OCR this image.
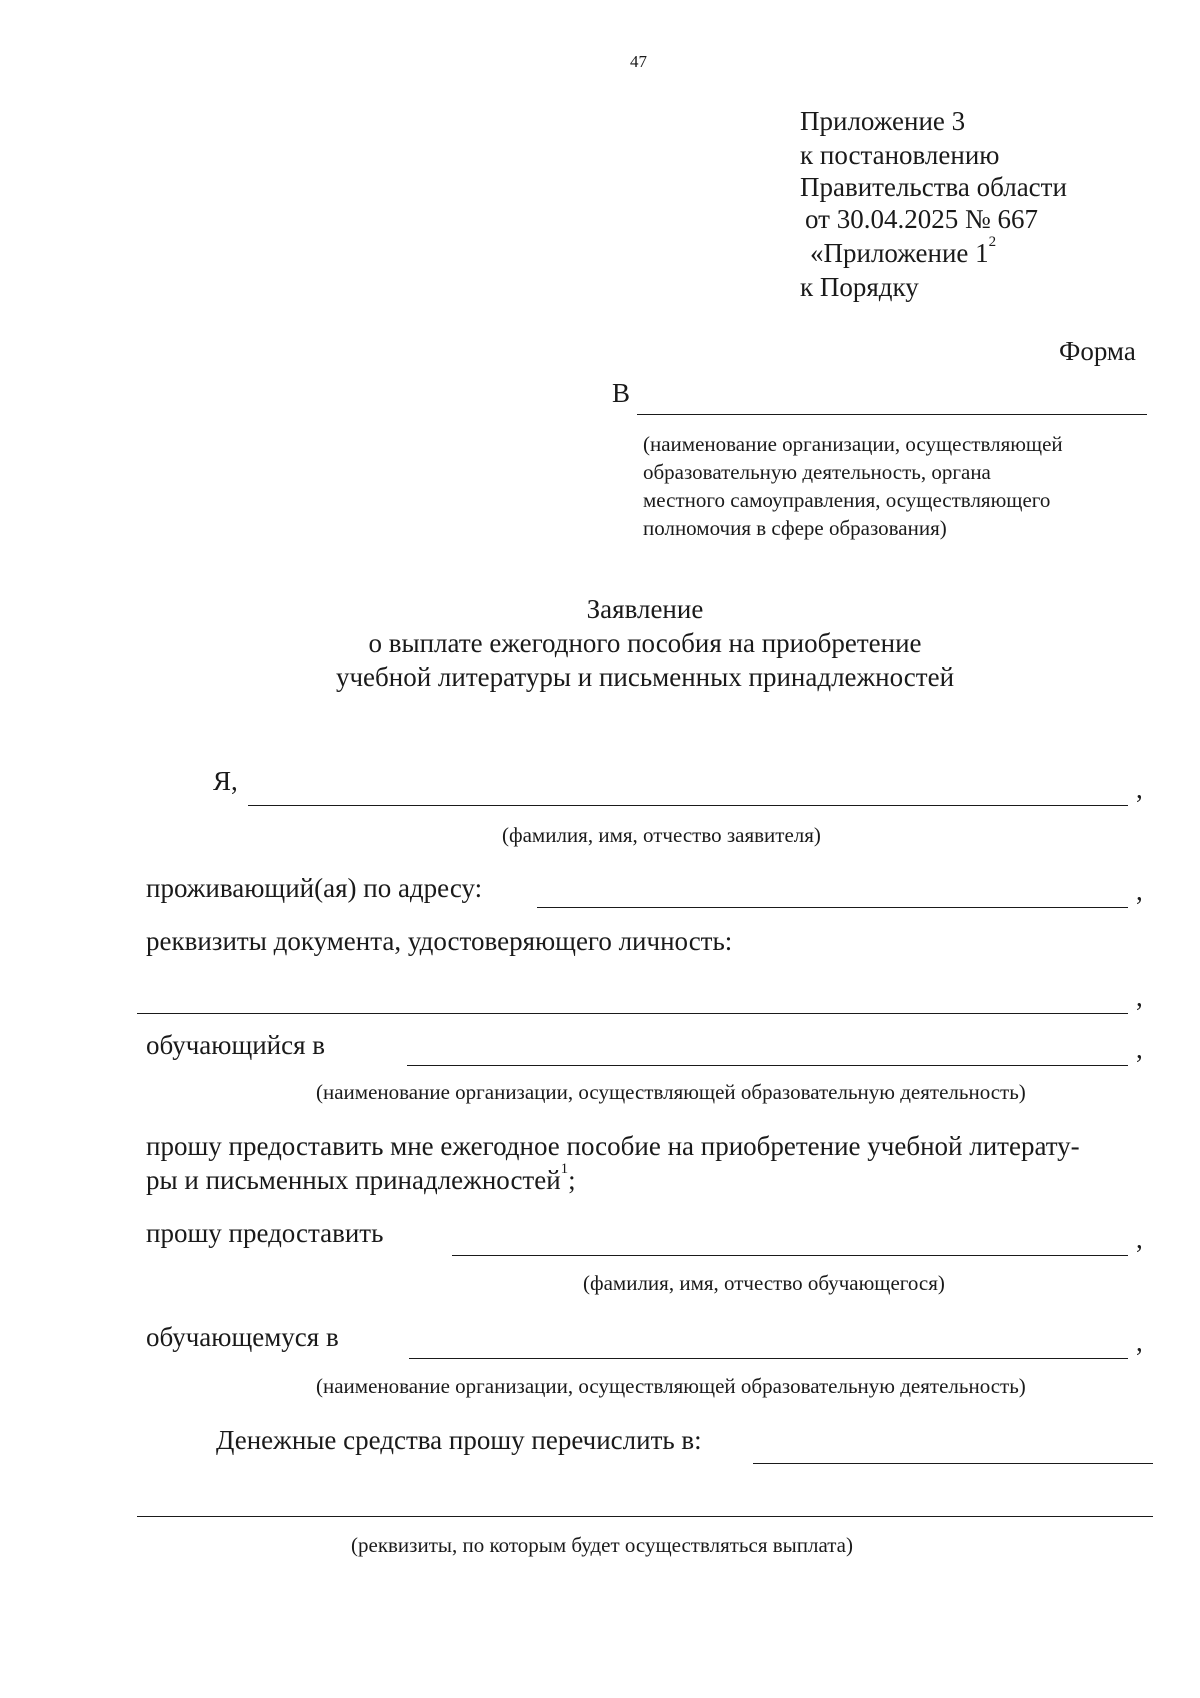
47
Приложение 3
к постановлению
Правительства области
от 30.04.2025 № 667
«Приложение $1^2$
к Порядку
Форма
В
(наименование организации, осуществляющей
образовательную деятельность, органа
местного самоуправления, осуществляющего
полномочия в сфере образования)
Заявление
о выплате ежегодного пособия на приобретение
учебной литературы и письменных принадлежностей
Я,	,
(фамилия, имя, отчество заявителя)
проживающий(ая) по адресу:	,
реквизиты документа, удостоверяющего личность:
,
обучающийся в	,
(наименование организации, осуществляющей образовательную деятельность)
прошу предоставить мне ежегодное пособие на приобретение учебной литерату-
ры и письменных принадлежностей$^1$;
прошу предоставить	,
(фамилия, имя, отчество обучающегося)
обучающемуся в	,
(наименование организации, осуществляющей образовательную деятельность)
Денежные средства прошу перечислить в:
(реквизиты, по которым будет осуществляться выплата)
